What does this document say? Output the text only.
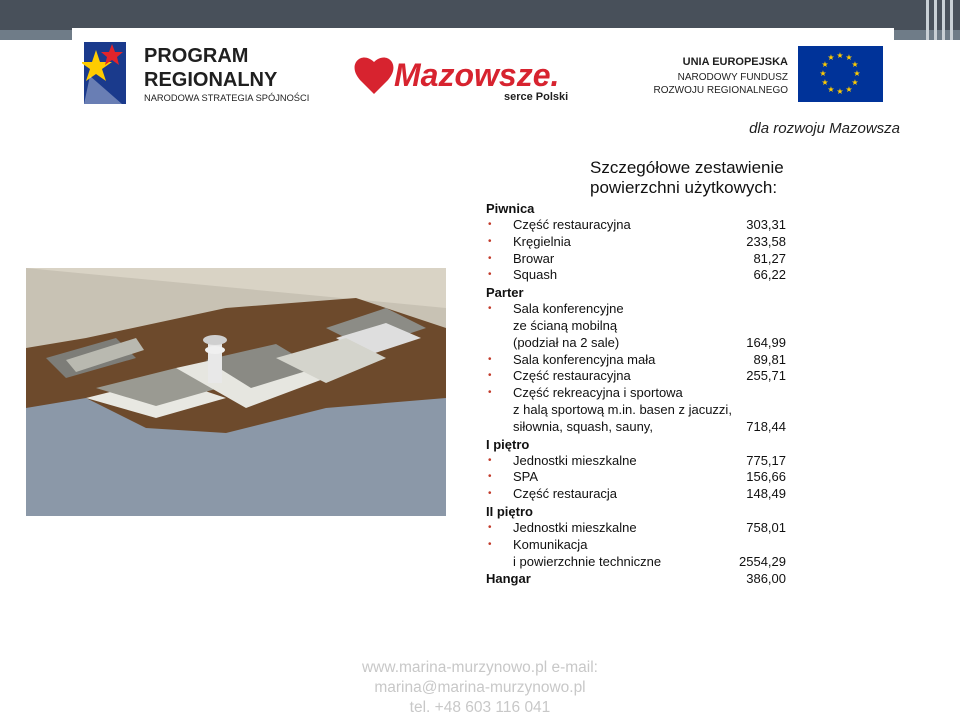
PROGRAM
REGIONALNY
NARODOWA STRATEGIA SPÓJNOŚCI
Mazowsze.
serce Polski
UNIA EUROPEJSKA
NARODOWY FUNDUSZ
ROZWOJU REGIONALNEGO
★ ★
★
★
★
★
★
★
★
★
★
★
dla rozwoju Mazowsza
Szczegółowe zestawienie
powierzchni użytkowych:
Piwnica
• Część restauracyjna	303,31
• Kręgielnia	233,58
• Browar	81,27
• Squash	66,22
Parter
• Sala konferencyjne
ze ścianą mobilną
(podział na 2 sale)	164,99
• Sala konferencyjna mała	89,81
• Część restauracyjna	255,71
• Część rekreacyjna i sportowa
z halą sportową m.in. basen z jacuzzi,
siłownia, squash, sauny,	718,44
I piętro
• Jednostki mieszkalne	775,17
• SPA	156,66
• Część restauracja	148,49
II piętro
• Jednostki mieszkalne	758,01
• Komunikacja
i powierzchnie techniczne	2554,29
Hangar	386,00
www.marina-murzynowo.pl e-mail:
marina@marina-murzynowo.pl
tel. +48 603 116 041
